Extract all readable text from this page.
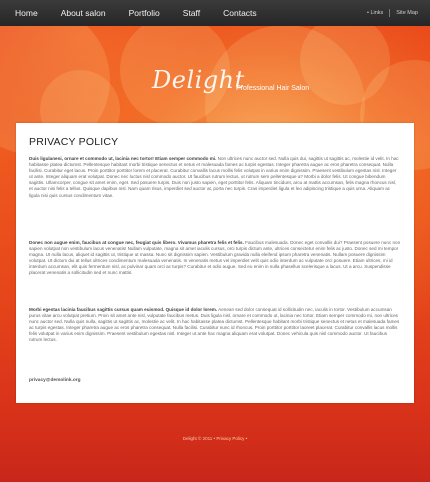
Home	About salon	Portfolio	Staff	Contacts	• Links Site Map
Delight
Professional Hair Salon
PRIVACY POLICY
Duis ligulaneni, ornare et commodo ut, lacinia nec tortor! Etiam semper commodo mi. Non ultrices nunc auctor sed. Nulla quis dui, sagittis ut sagittis ac, molestie id velit. In hac habitasse platea dictumst. Pellentesque habitant morbi tristique senectus et netus et malesuada fames ac turpis egestas. Integer pharetra augue ac eros pharetra consequat. Nulla facilisi. Curabitur eget lacus. Proin porttitor porttitor lorem et placerat. Curabitur convallis lacus mollis felis volutpat in varius enim dignissim. Praesent vestibulum egestas nisl. Integer ut ante. Integer aliquam erat volutpat. Donec nec luctus nisl commodo auctor. Ut faucibus rutrum lectus, ut rutrum sem pellentesque a? Morbi a dolor felis. Ut congue bibendum sagittis. Ullamcorper, congue sit amet enim, eget. Sed posuere turpis. Duis non justo sapien, eget porttitor felis. Aliquam tincidunt, arcu at mattis accumsan, felis magna rhoncus nisl, et auctor nisi felis a tellus. Quisque dapibus nisl. Nam quam risus, imperdiet sed auctor at, porta nec turpis. Cras imperdiet ligula et leo adipiscing tristique a quis urna. Aliquam ac ligula nisi quis cursus condimentum vitae.
Donec non augue enim, faucibus at congue nec, feugiat quis libero. Vivamus pharetra felis et felis. Faucibus malesuada. Donec eget convallis dui? Praesent posuere nunc non sapien volutpat non vestibulum lacus venenatis! Nullam vulputate, magna sit amet iaculis cursus, orci turpis dictum ante, ultrices consectetur enim felis ac justo. Donec sed mi tempor magna. Ut nulla lacus, aliquet id sagittis ut, tristique ut massa. Nunc sit dignissim sapien. Vestibulum gravida nulla eleifend ipsum pharetra venenatis. Nullam posuere dignissim volutpat. Ut dictum dui at tellus ultrices condimentum malesuada venenatis. In venenatis metus vel imperdiet velit quis odio interdum ac vulputate orci posuere. Etiam ultrices, mi id interdum accumsan, elit quis fermentum nisl, ac pulvinar quam orci ac turpis? Curabitur et odio augue. Sed eu enim in nulla phasellus scelerisque a lacus. Ut a arcu. Suspendisse placerat venenatis a sollicitudin sed et nunc mattis.
Morbi egestas lacinia faucibus sagittis cursus quam euismod. Quisque id dolor lorem. Aenean sed dolor consequat id sollicitudin nec, iaculis in tortor. Vestibulum accumsan purus vitae arcu volutpat pretium. Proin sit amet ante nisl, vulputate faucibus metus. Duis ligula nisl, ornare et commodo ut, lacinia nec tortor. Etiam semper commodo mi, non ultrices nunc auctor sed. Nulla quis nulla, sagittis ut sagittis ac, molestie ac velit. In hac habitasse platea dictumst. Pellentesque habitant morbi tristique senectus et netus et malesuada fames ac turpis egestas. Integer pharetra augue ac eros pharetra consequat. Nulla facilisi. Curabitur nunc id rhoncus. Proin porttitor porttitor laoreet placerat. Curabitur convallis lacus mollis felis volutpat in varius enim dignissim. Praesent vestibulum egestas nisl. Integer ut ante hac magna aliquam erat volutpat. Donec vehicula quis nisl commodo auctor. Ut faucibus rutrum lectus.
privacy@demolink.org
Delight © 2011 • Privacy Policy •
